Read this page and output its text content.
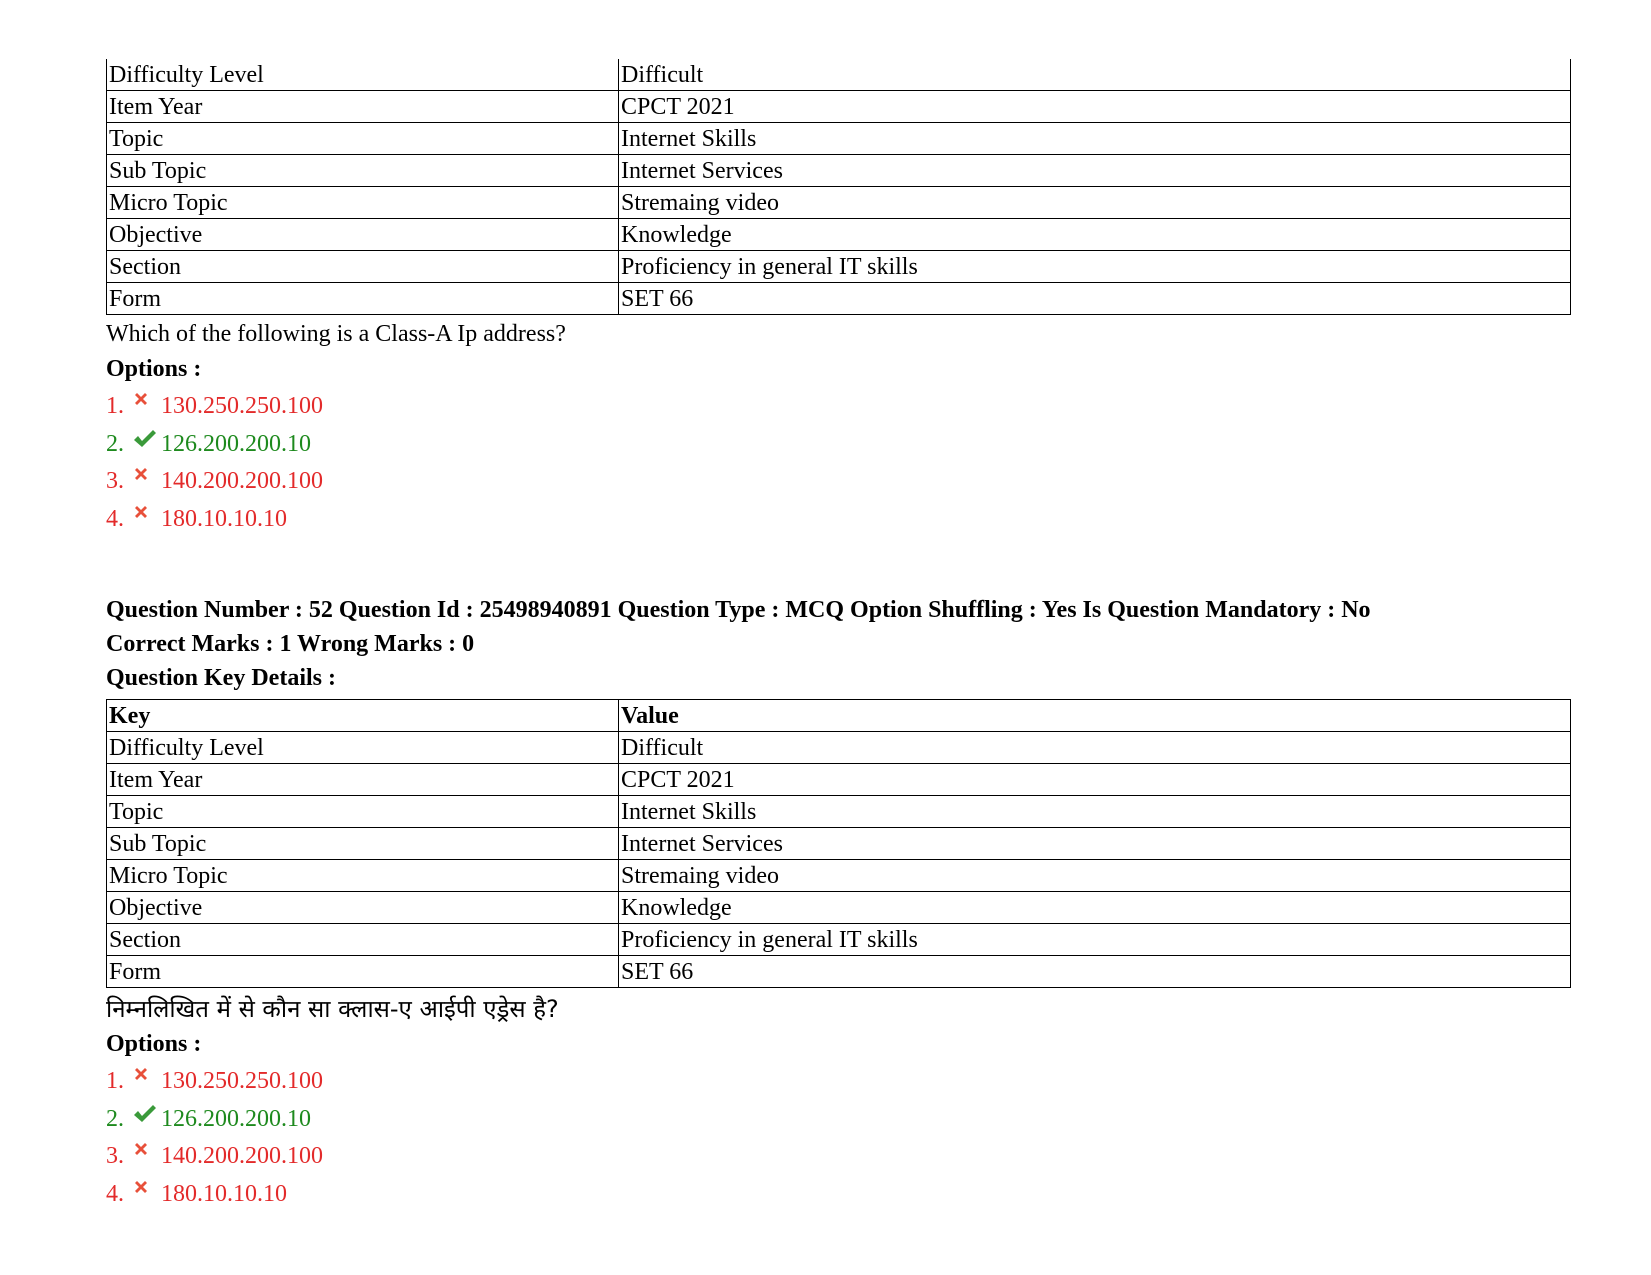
Difficulty Level	Difficult
Item Year	CPCT 2021
Topic	Internet Skills
Sub Topic	Internet Services
Micro Topic	Stremaing video
Objective	Knowledge
Section	Proficiency in general IT skills
Form	SET 66
Which of the following is a Class-A Ip address?
Options :
1. 130.250.250.100
2. 126.200.200.10
3. 140.200.200.100
4. 180.10.10.10
Question Number : 52 Question Id : 25498940891 Question Type : MCQ Option Shuffling : Yes Is Question Mandatory : No
Correct Marks : 1 Wrong Marks : 0
Question Key Details :
Key	Value
Difficulty Level	Difficult
Item Year	CPCT 2021
Topic	Internet Skills
Sub Topic	Internet Services
Micro Topic	Stremaing video
Objective	Knowledge
Section	Proficiency in general IT skills
Form	SET 66
निम्नलिखित में से कौन सा क्लास-ए आईपी एड्रेस है?
Options :
1. 130.250.250.100
2. 126.200.200.10
3. 140.200.200.100
4. 180.10.10.10
